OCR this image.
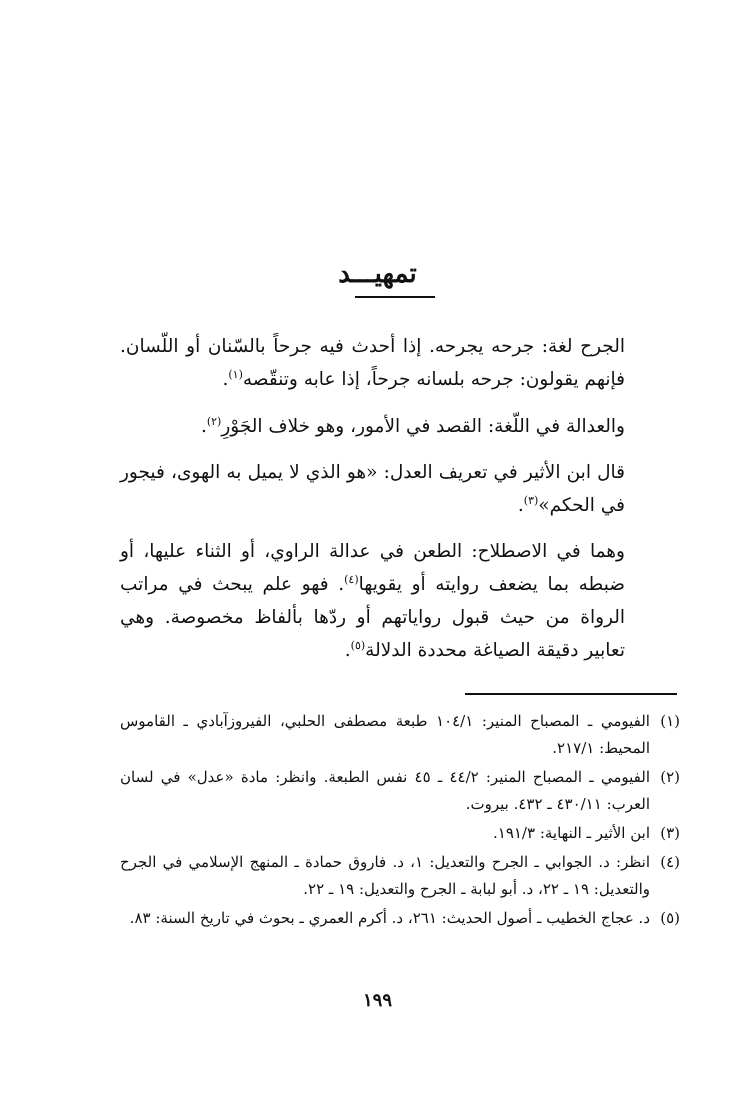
تمهيـــد

الجرح لغة: جرحه يجرحه. إذا أحدث فيه جرحاً بالسّنان أو اللّسان. فإنهم يقولون: جرحه بلسانه جرحاً، إذا عابه وتنقّصه$^{(١)}$.

والعدالة في اللّغة: القصد في الأمور، وهو خلاف الجَوْرِ$^{(٢)}$.

قال ابن الأثير في تعريف العدل: «هو الذي لا يميل به الهوى، فيجور في الحكم»$^{(٣)}$.

وهما في الاصطلاح: الطعن في عدالة الراوي، أو الثناء عليها، أو ضبطه بما يضعف روايته أو يقويها$^{(٤)}$. فهو علم يبحث في مراتب الرواة من حيث قبول رواياتهم أو ردّها بألفاظ مخصوصة. وهي تعابير دقيقة الصياغة محددة الدلالة$^{(٥)}$.

(١)
الفيومي ـ المصباح المنير: ١٠٤/١ طبعة مصطفى الحلبي، الفيروزآبادي ـ القاموس المحيط: ٢١٧/١.
(٢)
الفيومي ـ المصباح المنير: ٤٤/٢ ـ ٤٥ نفس الطبعة. وانظر: مادة «عدل» في لسان العرب: ٤٣٠/١١ ـ ٤٣٢. بيروت.
(٣)
ابن الأثير ـ النهاية: ١٩١/٣.
(٤)
انظر: د. الجوابي ـ الجرح والتعديل: ١، د. فاروق حمادة ـ المنهج الإسلامي في الجرح والتعديل: ١٩ ـ ٢٢، د. أبو لبابة ـ الجرح والتعديل: ١٩ ـ ٢٢.
(٥)
د. عجاج الخطيب ـ أصول الحديث: ٢٦١، د. أكرم العمري ـ بحوث في تاريخ السنة: ٨٣.
١٩٩
